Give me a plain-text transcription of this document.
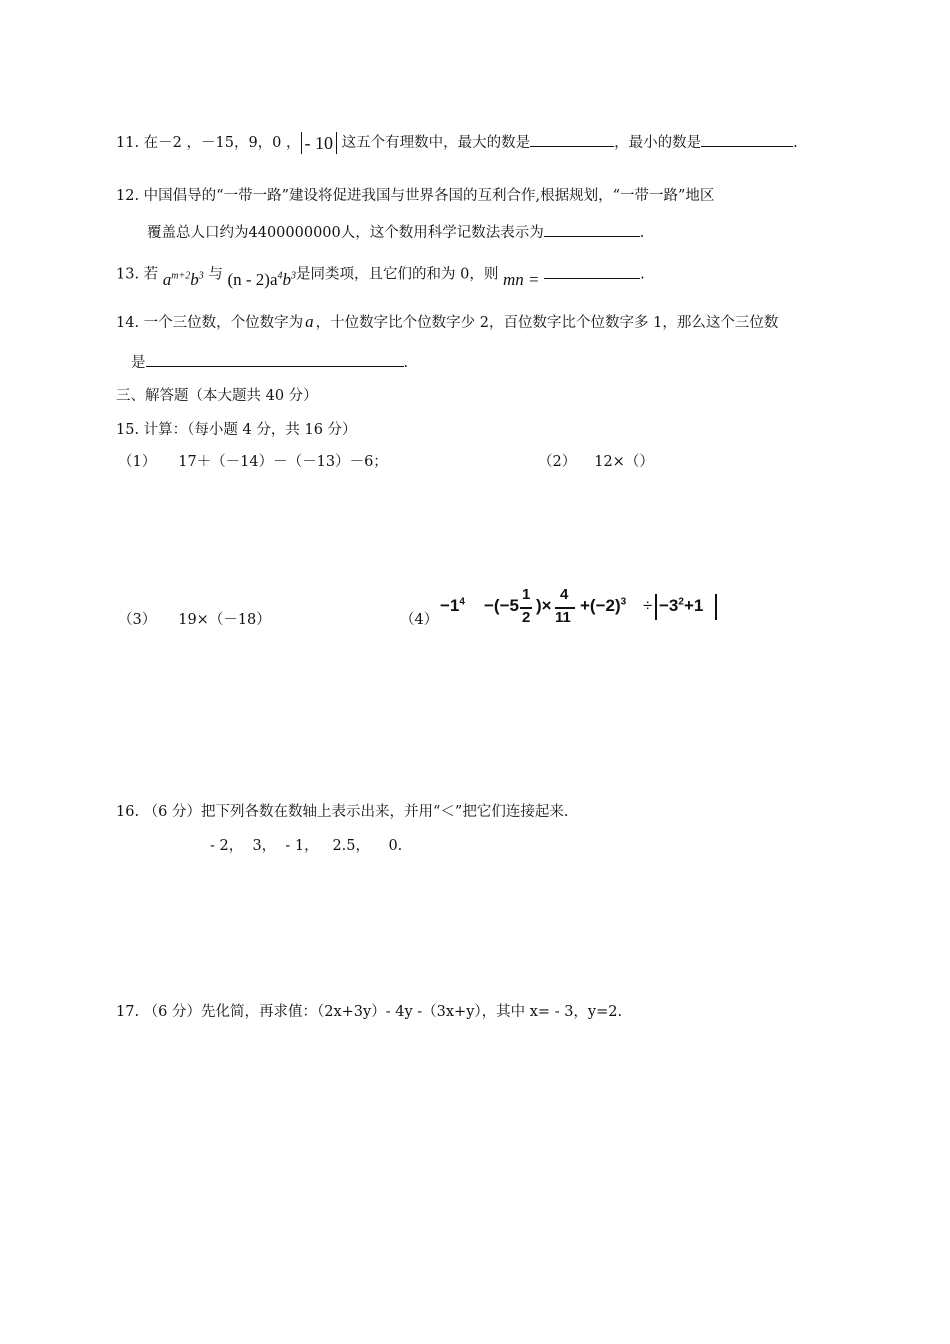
11. 在－2 ，－15，9，0 ， - 10 这五个有理数中，最大的数是	，最小的数是	.
12. 中国倡导的“一带一路”建设将促进我国与世界各国的互利合作,根据规划，“一带一路”地区
覆盖总人口约为4400000000人，这个数用科学记数法表示为	.
13. 若 $a^{m+2}b^3$ 与 $(n - 2)a^4b^3$是同类项，且它们的和为 0，则 mn =	.
14. 一个三位数，个位数字为 a ，十位数字比个位数字少 2，百位数字比个位数字多 1，那么这个三位数
是	.
三、解答题（本大题共 40 分）
15. 计算：（每小题 4 分，共 16 分）
（1） 17＋（－14）－（－13）－6；	（2） 12×（）
（3） 19×（－18）	（4）
$-1^4 -(-5$
1
2
)×
4
11
$+(-2)^3 \div -3^2+1$
16. （6 分）把下列各数在数轴上表示出来，并用“＜”把它们连接起来.
- 2，  3，  - 1，   2.5，    0.
17. （6 分）先化简，再求值：（2x+3y）- 4y -（3x+y），其中 x= - 3，y=2.
